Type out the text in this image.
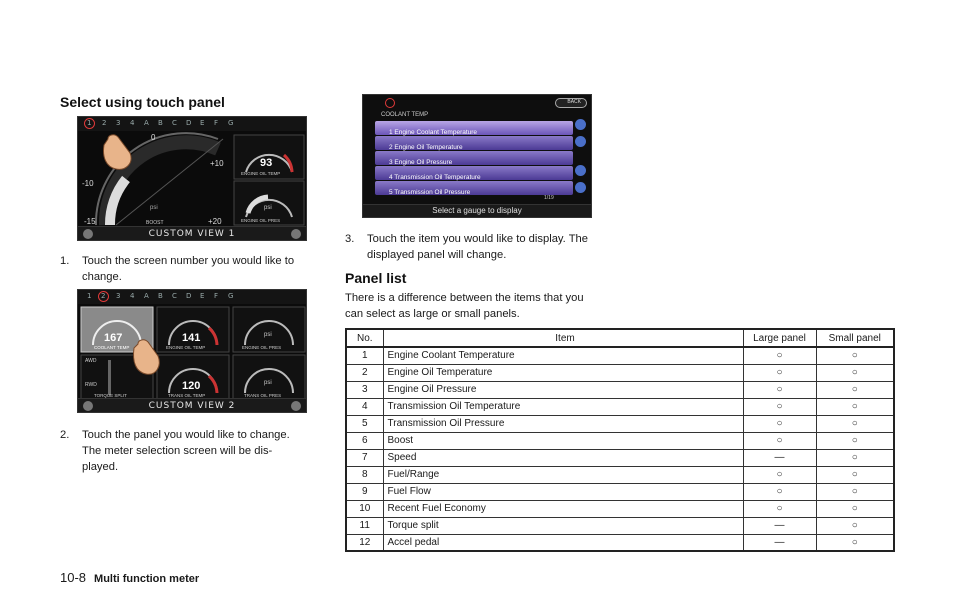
Select using touch panel
1 2 3 4 A B C D E F G
0
-10
-15
+10
+20
psi
BOOST
93
ENGINE OIL TEMP
psi
ENGINE OIL PRES
CUSTOM VIEW 1
1. Touch the screen number you would like to
change.
1 2 3 4 A B C D E F G
167
COOLANT TEMP
141
ENGINE OIL TEMP
psi
ENGINE OIL PRES
AWD
RWD
TORQUE SPLIT
120
TRANS OIL TEMP
psi
TRANS OIL PRES
CUSTOM VIEW 2
2. Touch the panel you would like to change.
The meter selection screen will be dis-
played.
BACK
COOLANT TEMP
1 Engine Coolant Temperature
2 Engine Oil Temperature
3 Engine Oil Pressure
4 Transmission Oil Temperature
5 Transmission Oil Pressure
1/19
Select a gauge to display
3. Touch the item you would like to display. The
displayed panel will change.
Panel list
There is a difference between the items that you
can select as large or small panels.
No.	Item	Large panel	Small panel
1	Engine Coolant Temperature	○	○
2	Engine Oil Temperature	○	○
3	Engine Oil Pressure	○	○
4	Transmission Oil Temperature	○	○
5	Transmission Oil Pressure	○	○
6	Boost	○	○
7	Speed	—	○
8	Fuel/Range	○	○
9	Fuel Flow	○	○
10	Recent Fuel Economy	○	○
11	Torque split	—	○
12	Accel pedal	—	○
10-8 Multi function meter
